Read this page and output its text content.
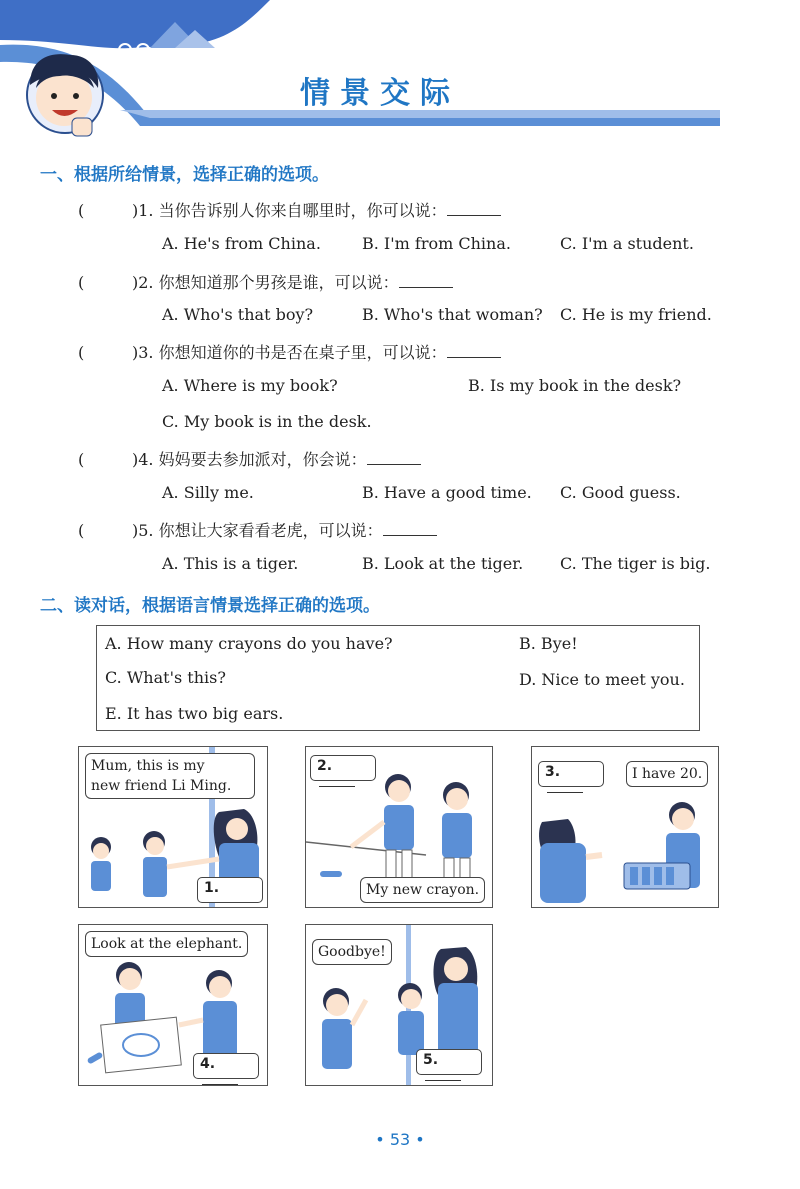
情景交际
一、根据所给情景，选择正确的选项。
(	)1. 当你告诉别人你来自哪里时，你可以说：
A. He's from China.	B. I'm from China.	C. I'm a student.
(	)2. 你想知道那个男孩是谁，可以说：
A. Who's that boy?	B. Who's that woman? C. He is my friend.
(	)3. 你想知道你的书是否在桌子里，可以说：
A. Where is my book?	B. Is my book in the desk?
C. My book is in the desk.
(	)4. 妈妈要去参加派对，你会说：
A. Silly me.	B. Have a good time. C. Good guess.
(	)5. 你想让大家看看老虎，可以说：
A. This is a tiger.	B. Look at the tiger. C. The tiger is big.
二、读对话，根据语言情景选择正确的选项。
A. How many crayons do you have?	B. Bye!
C. What's this?	D. Nice to meet you.
E. It has two big ears.
Mum, this is my
new friend Li Ming.
1.
2.
My new crayon.
3.	I have 20.
Look at the elephant.
4.
Goodbye!
5.
• 53 •
